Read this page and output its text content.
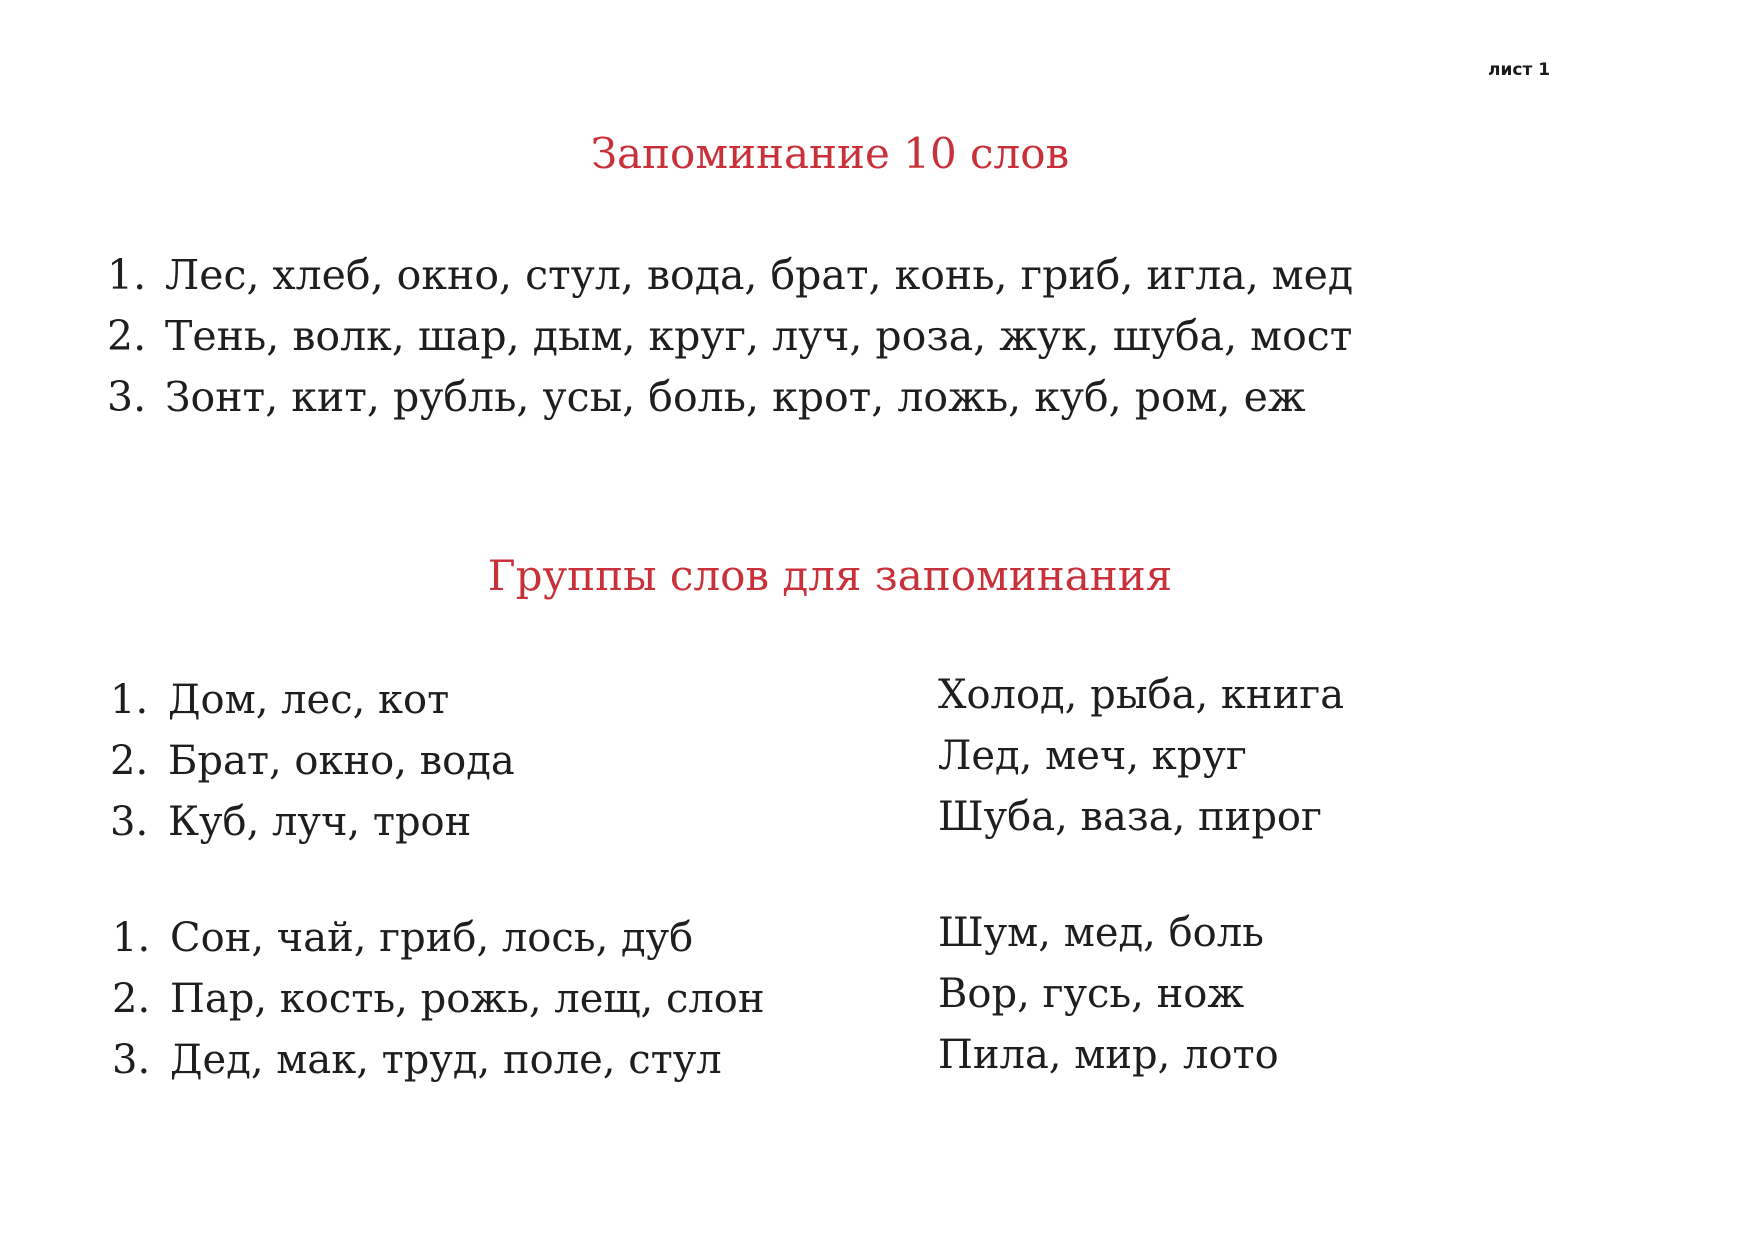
лист 1
Запоминание 10 слов
1. Лес, хлеб, окно, стул, вода, брат, конь, гриб, игла, мед
2. Тень, волк, шар, дым, круг, луч, роза, жук, шуба, мост
3. Зонт, кит, рубль, усы, боль, крот, ложь, куб, ром, еж
Группы слов для запоминания
1. Дом, лес, кот
2. Брат, окно, вода
3. Куб, луч, трон
Холод, рыба, книга
Лед, меч, круг
Шуба, ваза, пирог
1. Сон, чай, гриб, лось, дуб
2. Пар, кость, рожь, лещ, слон
3. Дед, мак, труд, поле, стул
Шум, мед, боль
Вор, гусь, нож
Пила, мир, лото
